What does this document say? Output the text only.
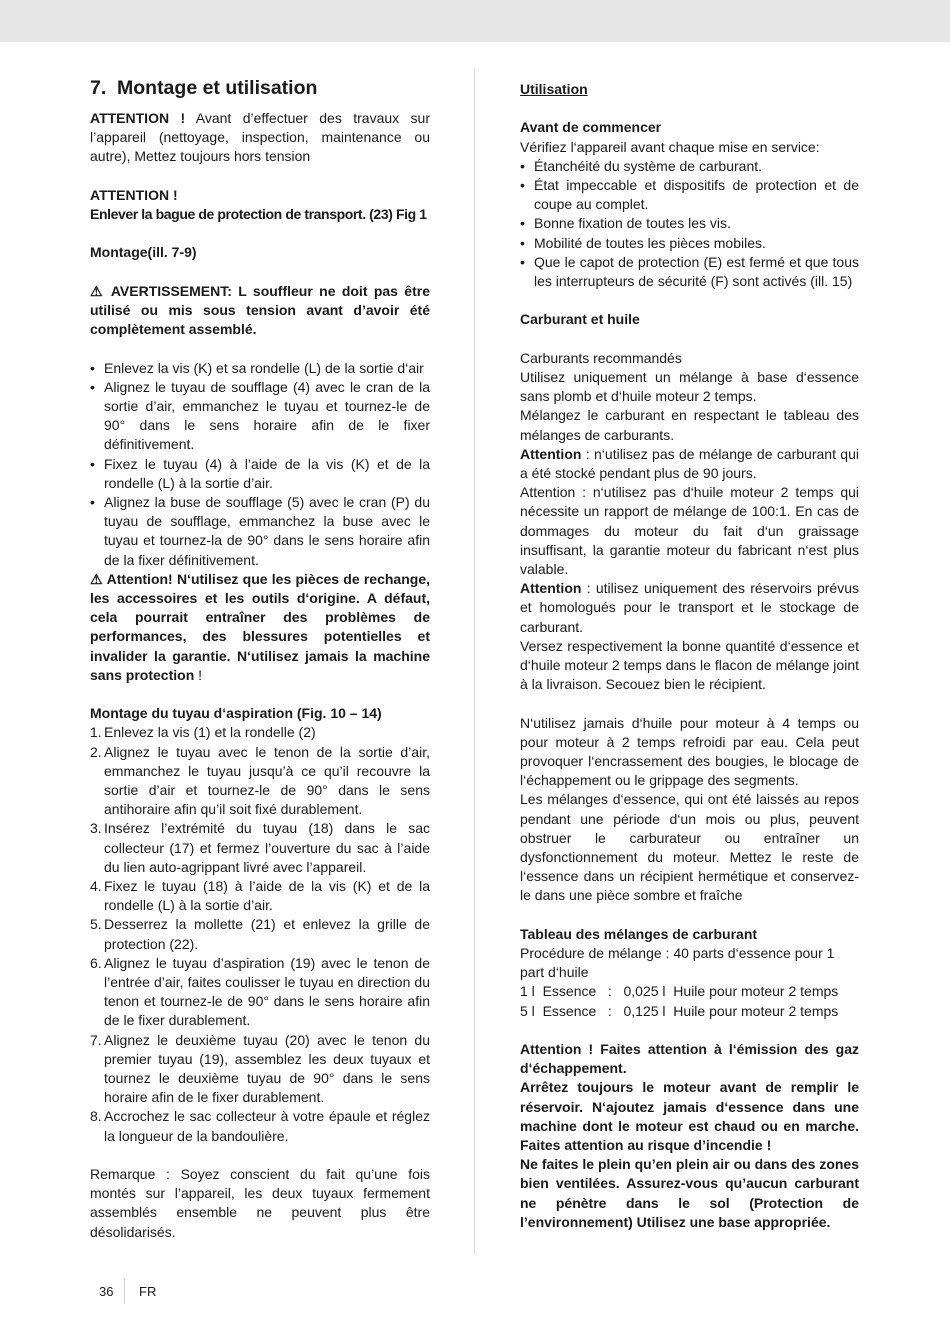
7. Montage et utilisation

ATTENTION ! Avant d’effectuer des travaux sur l’appareil (nettoyage, inspection, maintenance ou autre), Mettez toujours hors tension

ATTENTION !

Enlever la bague de protection de transport. (23) Fig 1

Montage(ill. 7-9)

⚠ AVERTISSEMENT: L souffleur ne doit pas être utilisé ou mis sous tension avant d’avoir été complètement assemblé.

• Enlevez la vis (K) et sa rondelle (L) de la sortie d‘air
• Alignez le tuyau de soufflage (4) avec le cran de la sortie d’air, emmanchez le tuyau et tournez-le de 90° dans le sens horaire afin de le fixer définitivement.
• Fixez le tuyau (4) à l’aide de la vis (K) et de la rondelle (L) à la sortie d’air.
• Alignez la buse de soufflage (5) avec le cran (P) du tuyau de soufflage, emmanchez la buse avec le tuyau et tournez-la de 90° dans le sens horaire afin de la fixer définitivement.

⚠ Attention! N‘utilisez que les pièces de rechange, les accessoires et les outils d‘origine. A défaut, cela pourrait entraîner des problèmes de performances, des blessures potentielles et invalider la garantie. N‘utilisez jamais la machine sans protection !

Montage du tuyau d‘aspiration (Fig. 10 – 14)

1. Enlevez la vis (1) et la rondelle (2)
2. Alignez le tuyau avec le tenon de la sortie d’air, emmanchez le tuyau jusqu’à ce qu’il recouvre la sortie d’air et tournez-le de 90° dans le sens antihoraire afin qu’il soit fixé durablement.
3. Insérez l’extrémité du tuyau (18) dans le sac collecteur (17) et fermez l’ouverture du sac à l’aide du lien auto-agrippant livré avec l’appareil.
4. Fixez le tuyau (18) à l’aide de la vis (K) et de la rondelle (L) à la sortie d’air.
5. Desserrez la mollette (21) et enlevez la grille de protection (22).
6. Alignez le tuyau d’aspiration (19) avec le tenon de l’entrée d’air, faites coulisser le tuyau en direction du tenon et tournez-le de 90° dans le sens horaire afin de le fixer durablement.
7. Alignez le deuxième tuyau (20) avec le tenon du premier tuyau (19), assemblez les deux tuyaux et tournez le deuxième tuyau de 90° dans le sens horaire afin de le fixer durablement.
8. Accrochez le sac collecteur à votre épaule et réglez la longueur de la bandoulière.

Remarque : Soyez conscient du fait qu’une fois montés sur l’appareil, les deux tuyaux fermement assemblés ensemble ne peuvent plus être désolidarisés.

Utilisation

Avant de commencer

Vérifiez l‘appareil avant chaque mise en service:

• Étanchéité du système de carburant.
• État impeccable et dispositifs de protection et de coupe au complet.
• Bonne fixation de toutes les vis.
• Mobilité de toutes les pièces mobiles.
• Que le capot de protection (E) est fermé et que tous les interrupteurs de sécurité (F) sont activés (ill. 15)

Carburant et huile

Carburants recommandés

Utilisez uniquement un mélange à base d‘essence sans plomb et d‘huile moteur 2 temps.

Mélangez le carburant en respectant le tableau des mélanges de carburants.

Attention : n‘utilisez pas de mélange de carburant qui a été stocké pendant plus de 90 jours.

Attention : n‘utilisez pas d‘huile moteur 2 temps qui nécessite un rapport de mélange de 100:1. En cas de dommages du moteur du fait d‘un graissage insuffisant, la garantie moteur du fabricant n‘est plus valable.

Attention : utilisez uniquement des réservoirs prévus et homologués pour le transport et le stockage de carburant.

Versez respectivement la bonne quantité d‘essence et d‘huile moteur 2 temps dans le flacon de mélange joint à la livraison. Secouez bien le récipient.

N‘utilisez jamais d‘huile pour moteur à 4 temps ou pour moteur à 2 temps refroidi par eau. Cela peut provoquer l‘encrassement des bougies, le blocage de l‘échappement ou le grippage des segments.

Les mélanges d‘essence, qui ont été laissés au repos pendant une période d‘un mois ou plus, peuvent obstruer le carburateur ou entraîner un dysfonctionnement du moteur. Mettez le reste de l‘essence dans un récipient hermétique et conservez-le dans une pièce sombre et fraîche

Tableau des mélanges de carburant

Procédure de mélange : 40 parts d‘essence pour 1 part d‘huile

1 l  Essence   :   0,025 l  Huile pour moteur 2 temps

5 l  Essence   :   0,125 l  Huile pour moteur 2 temps

Attention ! Faites attention à l‘émission des gaz d‘échappement.

Arrêtez toujours le moteur avant de remplir le réservoir. N‘ajoutez jamais d‘essence dans une machine dont le moteur est chaud ou en marche. Faites attention au risque d’incendie !

Ne faites le plein qu’en plein air ou dans des zones bien ventilées. Assurez-vous qu’aucun carburant ne pénètre dans le sol (Protection de l’environnement) Utilisez une base appropriée.

36 FR
